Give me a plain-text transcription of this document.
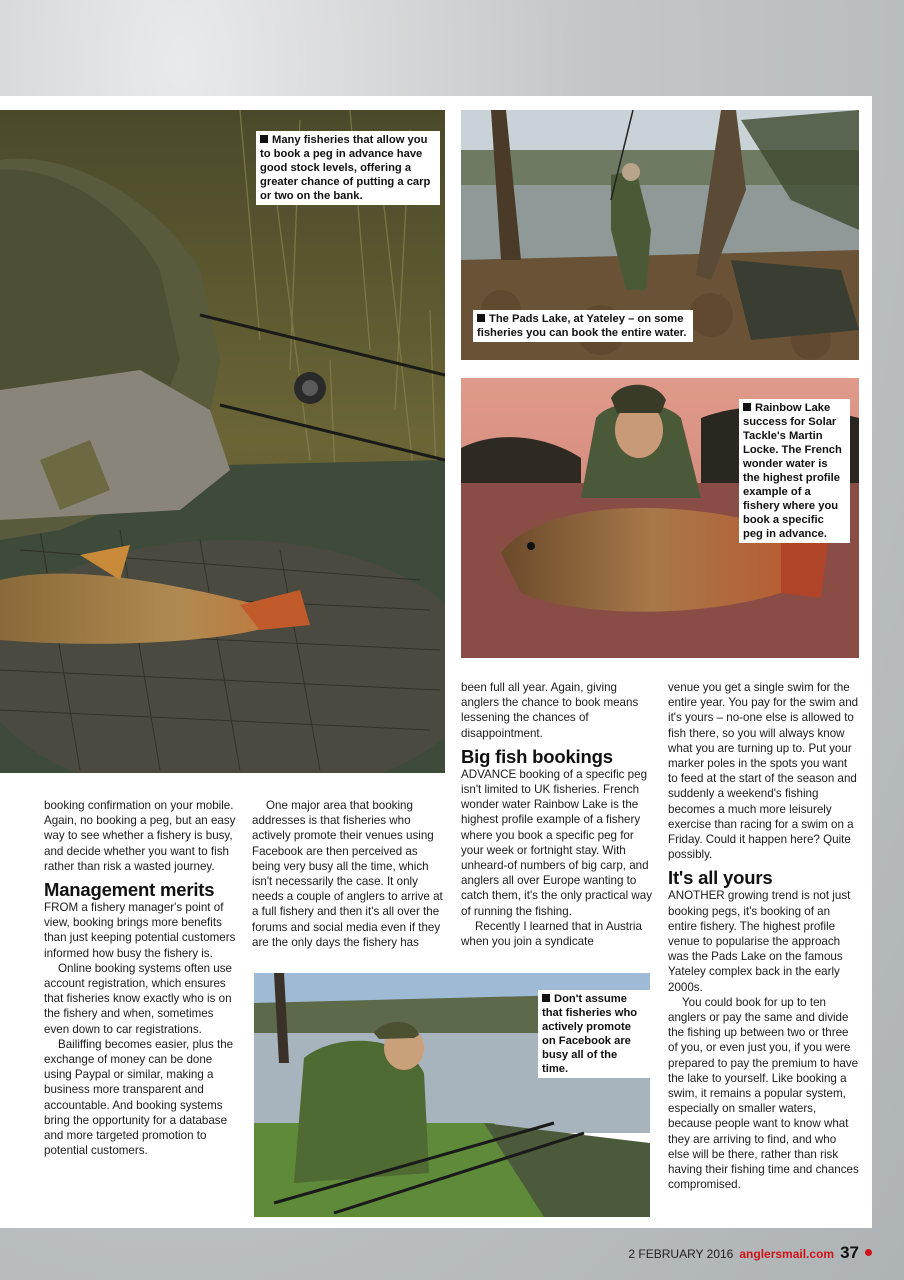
Many fisheries that allow you to book a peg in advance have good stock levels, offering a greater chance of putting a carp or two on the bank.
The Pads Lake, at Yateley – on some fisheries you can book the entire water.
Rainbow Lake success for Solar Tackle's Martin Locke. The French wonder water is the highest profile example of a fishery where you book a specific peg in advance.
Don't assume that fisheries who actively promote on Facebook are busy all of the time.

booking confirmation on your mobile. Again, no booking a peg, but an easy way to see whether a fishery is busy, and decide whether you want to fish rather than risk a wasted journey.

Management merits

FROM a fishery manager's point of view, booking brings more benefits than just keeping potential customers informed how busy the fishery is.

Online booking systems often use account registration, which ensures that fisheries know exactly who is on the fishery and when, sometimes even down to car registrations.

Bailiffing becomes easier, plus the exchange of money can be done using Paypal or similar, making a business more transparent and accountable. And booking systems bring the opportunity for a database and more targeted promotion to potential customers.

One major area that booking addresses is that fisheries who actively promote their venues using Facebook are then perceived as being very busy all the time, which isn't necessarily the case. It only needs a couple of anglers to arrive at a full fishery and then it's all over the forums and social media even if they are the only days the fishery has

been full all year. Again, giving anglers the chance to book means lessening the chances of disappointment.

Big fish bookings

ADVANCE booking of a specific peg isn't limited to UK fisheries. French wonder water Rainbow Lake is the highest profile example of a fishery where you book a specific peg for your week or fortnight stay. With unheard-of numbers of big carp, and anglers all over Europe wanting to catch them, it's the only practical way of running the fishing.

Recently I learned that in Austria when you join a syndicate

venue you get a single swim for the entire year. You pay for the swim and it's yours – no-one else is allowed to fish there, so you will always know what you are turning up to. Put your marker poles in the spots you want to feed at the start of the season and suddenly a weekend's fishing becomes a much more leisurely exercise than racing for a swim on a Friday. Could it happen here? Quite possibly.

It's all yours

ANOTHER growing trend is not just booking pegs, it's booking of an entire fishery. The highest profile venue to popularise the approach was the Pads Lake on the famous Yateley complex back in the early 2000s.

You could book for up to ten anglers or pay the same and divide the fishing up between two or three of you, or even just you, if you were prepared to pay the premium to have the lake to yourself. Like booking a swim, it remains a popular system, especially on smaller waters, because people want to know what they are arriving to find, and who else will be there, rather than risk having their fishing time and chances compromised.

2 FEBRUARY 2016 anglersmail.com 37
